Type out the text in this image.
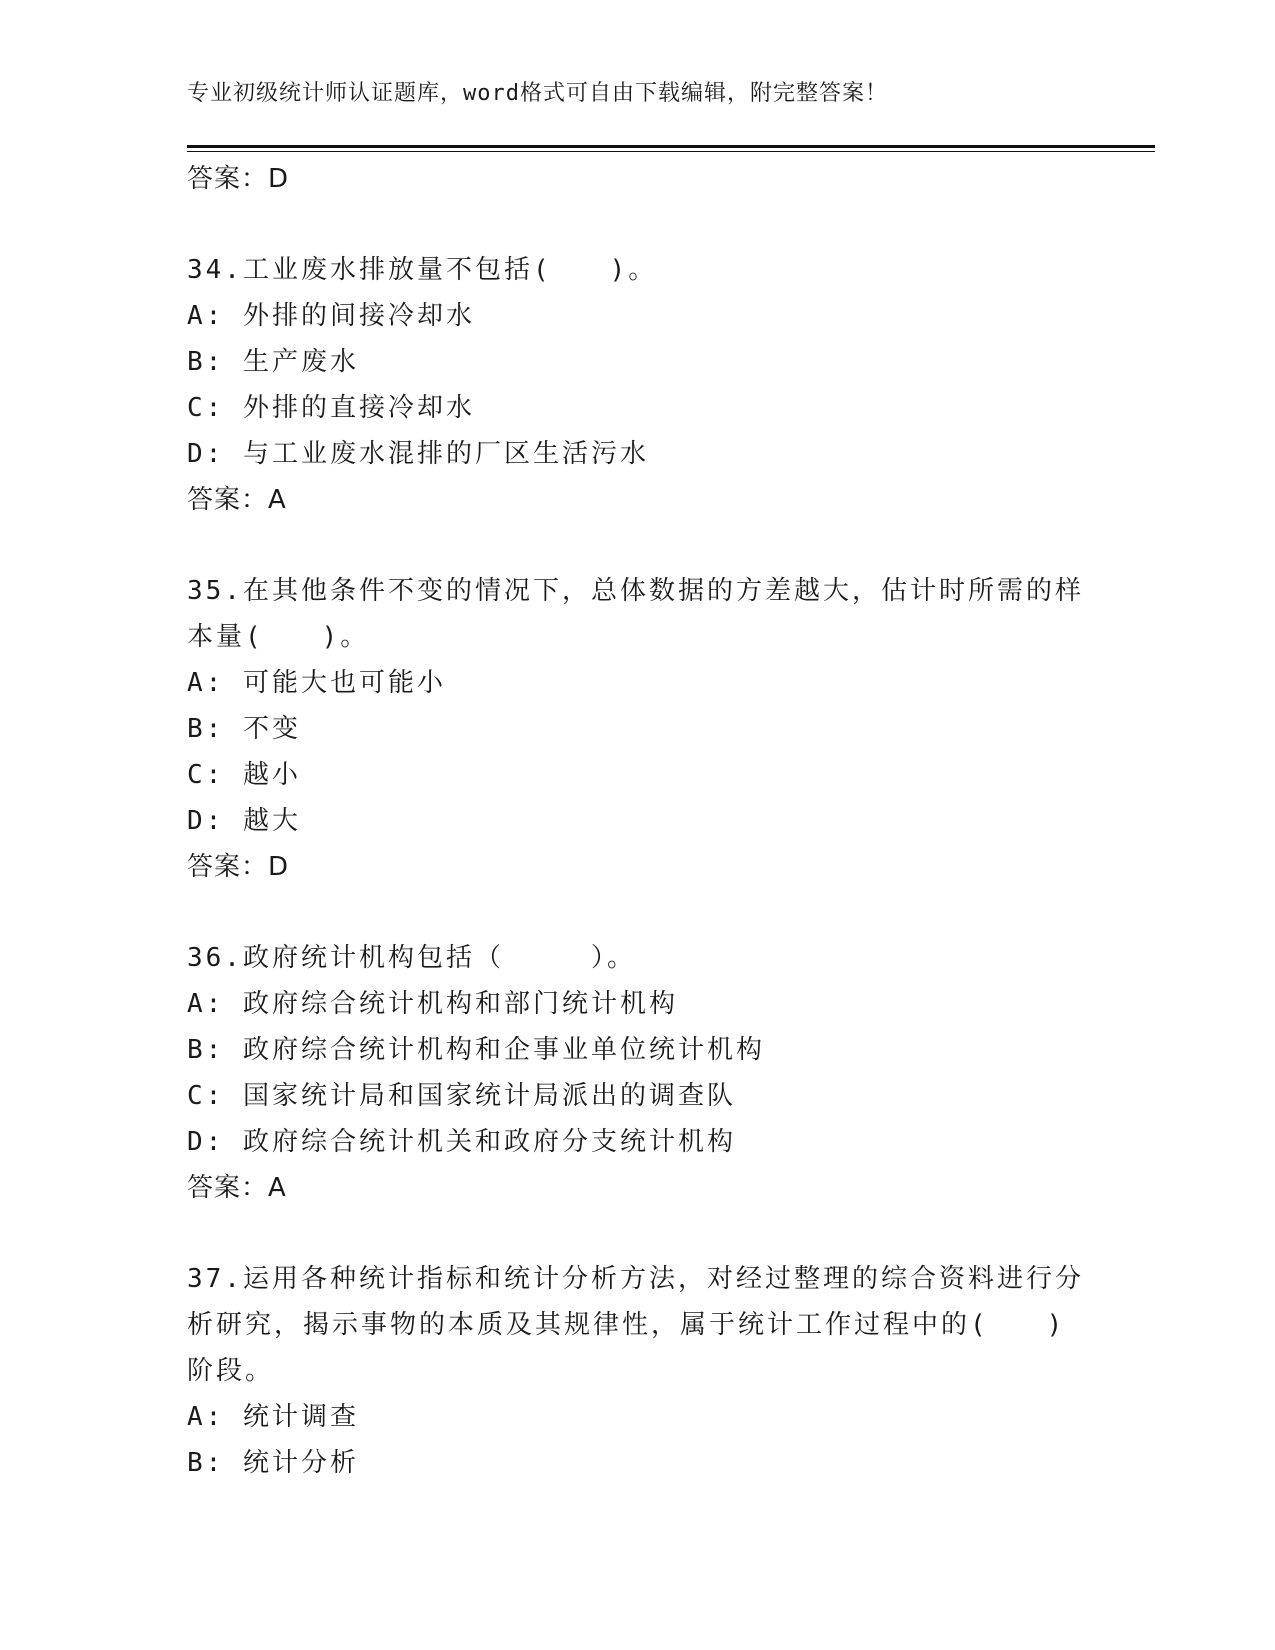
专业初级统计师认证题库，word格式可自由下载编辑，附完整答案！
答案：D
34.工业废水排放量不包括(　　)。
A: 外排的间接冷却水
B: 生产废水
C: 外排的直接冷却水
D: 与工业废水混排的厂区生活污水
答案：A
35.在其他条件不变的情况下，总体数据的方差越大，估计时所需的样
本量(　　)。
A: 可能大也可能小
B: 不变
C: 越小
D: 越大
答案：D
36.政府统计机构包括（　　　）。
A: 政府综合统计机构和部门统计机构
B: 政府综合统计机构和企事业单位统计机构
C: 国家统计局和国家统计局派出的调查队
D: 政府综合统计机关和政府分支统计机构
答案：A
37.运用各种统计指标和统计分析方法，对经过整理的综合资料进行分
析研究，揭示事物的本质及其规律性，属于统计工作过程中的(　　)
阶段。
A: 统计调查
B: 统计分析
